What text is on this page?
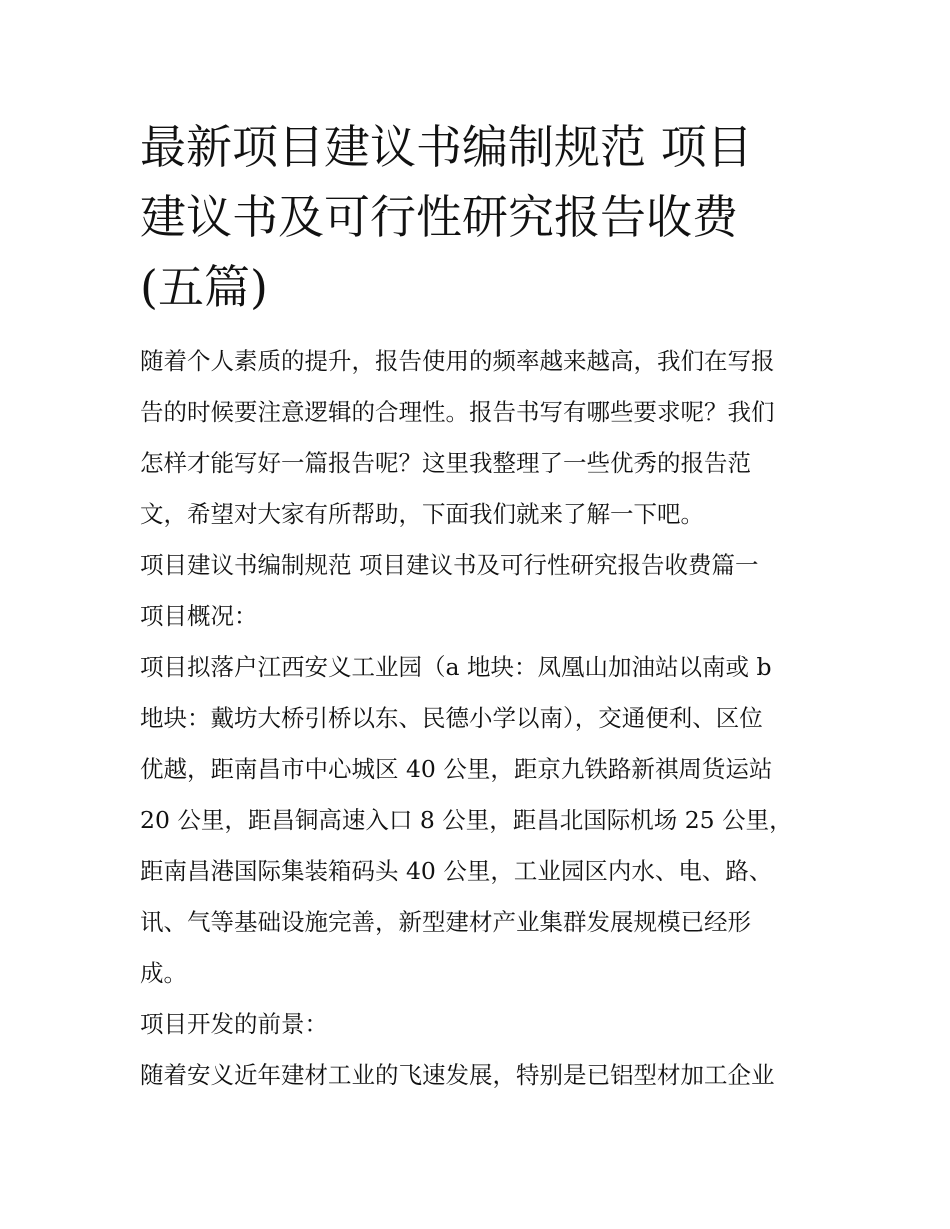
最新项目建议书编制规范 项目
建议书及可行性研究报告收费
(五篇)
随着个人素质的提升，报告使用的频率越来越高，我们在写报
告的时候要注意逻辑的合理性。报告书写有哪些要求呢？我们
怎样才能写好一篇报告呢？这里我整理了一些优秀的报告范
文，希望对大家有所帮助，下面我们就来了解一下吧。
项目建议书编制规范 项目建议书及可行性研究报告收费篇一
项目概况：
项目拟落户江西安义工业园（a 地块：凤凰山加油站以南或 b
地块：戴坊大桥引桥以东、民德小学以南），交通便利、区位
优越，距南昌市中心城区 40 公里，距京九铁路新祺周货运站
20 公里，距昌铜高速入口 8 公里，距昌北国际机场 25 公里，
距南昌港国际集装箱码头 40 公里，工业园区内水、电、路、
讯、气等基础设施完善，新型建材产业集群发展规模已经形
成。
项目开发的前景：
随着安义近年建材工业的飞速发展，特别是已铝型材加工企业
